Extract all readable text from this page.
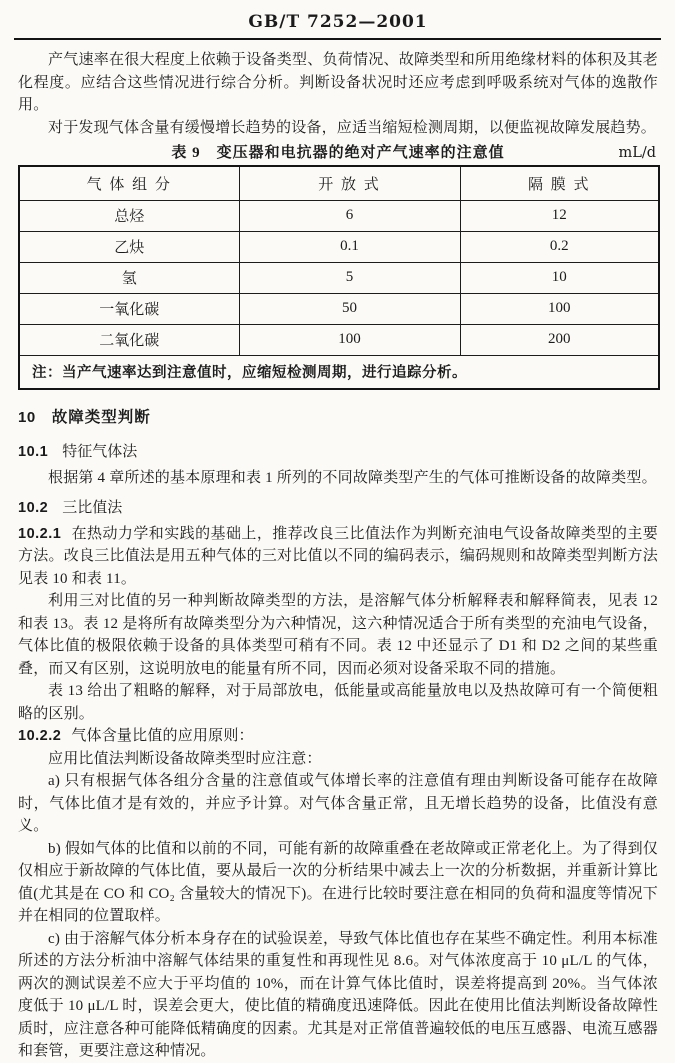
GB/T 7252—2001

产气速率在很大程度上依赖于设备类型、负荷情况、故障类型和所用绝缘材料的体积及其老化程度。应结合这些情况进行综合分析。判断设备状况时还应考虑到呼吸系统对气体的逸散作用。

对于发现气体含量有缓慢增长趋势的设备，应适当缩短检测周期，以便监视故障发展趋势。

表 9　变压器和电抗器的绝对产气速率的注意值	mL/d
气 体 组 分	开 放 式	隔 膜 式
总烃	6	12
乙炔	0.1	0.2
氢	5	10
一氧化碳	50	100
二氧化碳	100	200
注：当产气速率达到注意值时，应缩短检测周期，进行追踪分析。		
10 故障类型判断
10.1 特征气体法

根据第 4 章所述的基本原理和表 1 所列的不同故障类型产生的气体可推断设备的故障类型。

10.2 三比值法

10.2.1 在热动力学和实践的基础上，推荐改良三比值法作为判断充油电气设备故障类型的主要方法。改良三比值法是用五种气体的三对比值以不同的编码表示，编码规则和故障类型判断方法见表 10 和表 11。

利用三对比值的另一种判断故障类型的方法，是溶解气体分析解释表和解释简表，见表 12 和表 13。表 12 是将所有故障类型分为六种情况，这六种情况适合于所有类型的充油电气设备，气体比值的极限依赖于设备的具体类型可稍有不同。表 12 中还显示了 D1 和 D2 之间的某些重叠，而又有区别，这说明放电的能量有所不同，因而必须对设备采取不同的措施。

表 13 给出了粗略的解释，对于局部放电，低能量或高能量放电以及热故障可有一个简便粗略的区别。

10.2.2 气体含量比值的应用原则：

应用比值法判断设备故障类型时应注意：

a) 只有根据气体各组分含量的注意值或气体增长率的注意值有理由判断设备可能存在故障时，气体比值才是有效的，并应予计算。对气体含量正常，且无增长趋势的设备，比值没有意义。

b) 假如气体的比值和以前的不同，可能有新的故障重叠在老故障或正常老化上。为了得到仅仅相应于新故障的气体比值，要从最后一次的分析结果中减去上一次的分析数据，并重新计算比值(尤其是在 CO 和 CO₂ 含量较大的情况下)。在进行比较时要注意在相同的负荷和温度等情况下并在相同的位置取样。

c) 由于溶解气体分析本身存在的试验误差，导致气体比值也存在某些不确定性。利用本标准所述的方法分析油中溶解气体结果的重复性和再现性见 8.6。对气体浓度高于 10 μL/L 的气体，两次的测试误差不应大于平均值的 10%，而在计算气体比值时，误差将提高到 20%。当气体浓度低于 10 μL/L 时，误差会更大，使比值的精确度迅速降低。因此在使用比值法判断设备故障性质时，应注意各种可能降低精确度的因素。尤其是对正常值普遍较低的电压互感器、电流互感器和套管，更要注意这种情况。
